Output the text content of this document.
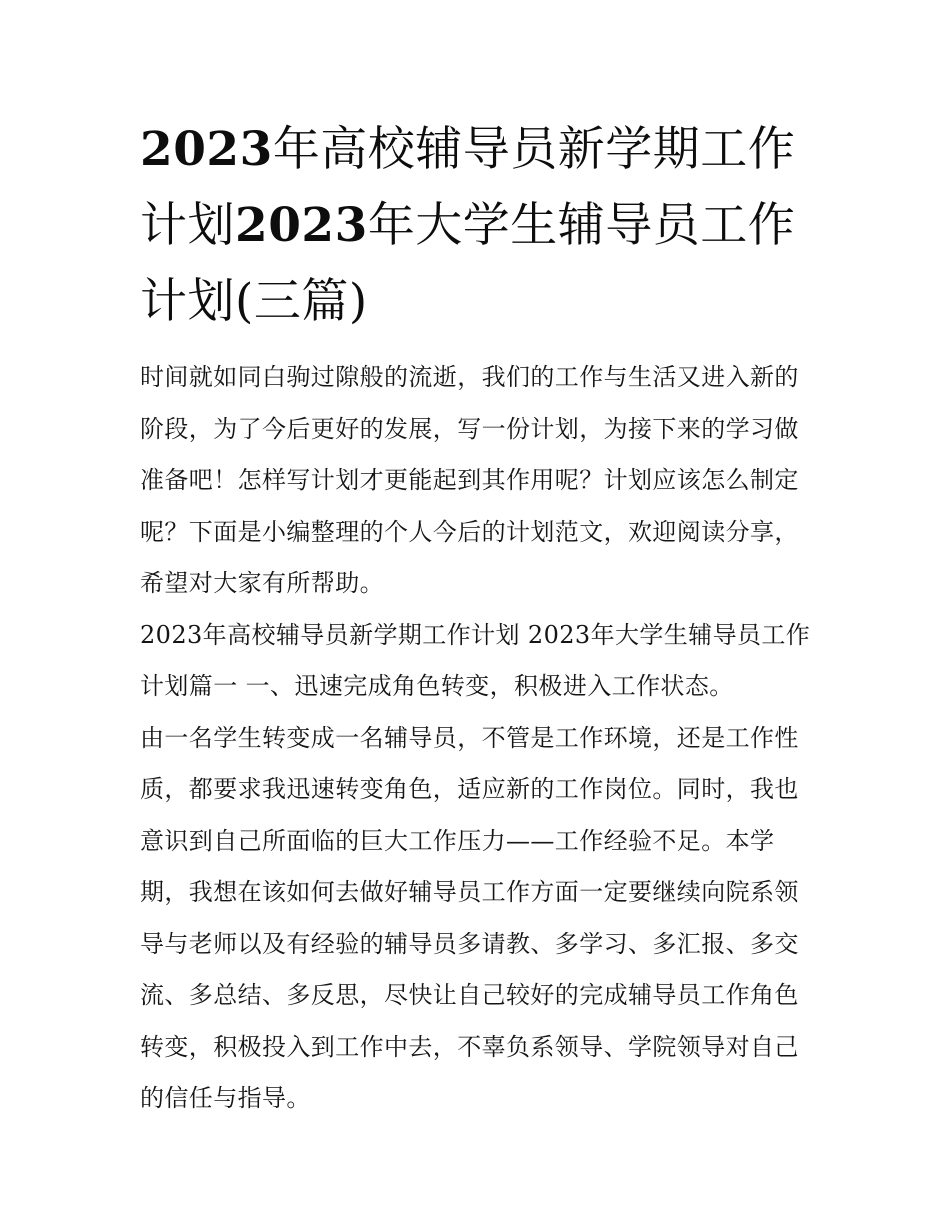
2023年高校辅导员新学期工作计划2023年大学生辅导员工作计划(三篇)

时间就如同白驹过隙般的流逝，我们的工作与生活又进入新的阶段，为了今后更好的发展，写一份计划，为接下来的学习做准备吧！怎样写计划才更能起到其作用呢？计划应该怎么制定呢？下面是小编整理的个人今后的计划范文，欢迎阅读分享，希望对大家有所帮助。

2023年高校辅导员新学期工作计划 2023年大学生辅导员工作计划篇一 一、迅速完成角色转变，积极进入工作状态。

由一名学生转变成一名辅导员，不管是工作环境，还是工作性质，都要求我迅速转变角色，适应新的工作岗位。同时，我也意识到自己所面临的巨大工作压力——工作经验不足。本学期，我想在该如何去做好辅导员工作方面一定要继续向院系领导与老师以及有经验的辅导员多请教、多学习、多汇报、多交流、多总结、多反思，尽快让自己较好的完成辅导员工作角色转变，积极投入到工作中去，不辜负系领导、学院领导对自己的信任与指导。
